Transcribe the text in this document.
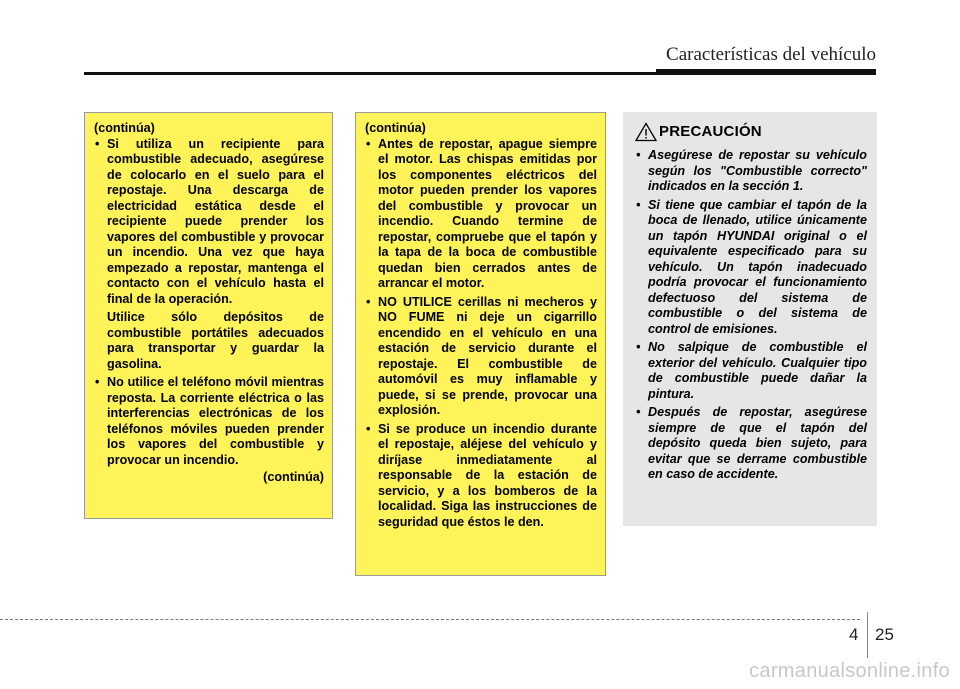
Características del vehículo

(continúa)

• Si utiliza un recipiente para combustible adecuado, asegúrese de colocarlo en el suelo para el repostaje. Una descarga de electricidad estática desde el recipiente puede prender los vapores del combustible y provocar un incendio. Una vez que haya empezado a repostar, mantenga el contacto con el vehículo hasta el final de la operación.

Utilice sólo depósitos de combustible portátiles adecuados para transportar y guardar la gasolina.

• No utilice el teléfono móvil mientras reposta. La corriente eléctrica o las interferencias electrónicas de los teléfonos móviles pueden prender los vapores del combustible y provocar un incendio.

(continúa)

(continúa)

• Antes de repostar, apague siempre el motor. Las chispas emitidas por los componentes eléctricos del motor pueden prender los vapores del combustible y provocar un incendio. Cuando termine de repostar, compruebe que el tapón y la tapa de la boca de combustible quedan bien cerrados antes de arrancar el motor.
• NO UTILICE cerillas ni mecheros y NO FUME ni deje un cigarrillo encendido en el vehículo en una estación de servicio durante el repostaje. El combustible de automóvil es muy inflamable y puede, si se prende, provocar una explosión.
• Si se produce un incendio durante el repostaje, aléjese del vehículo y diríjase inmediatamente al responsable de la estación de servicio, y a los bomberos de la localidad. Siga las instrucciones de seguridad que éstos le den.
PRECAUCIÓN
• Asegúrese de repostar su vehículo según los "Combustible correcto" indicados en la sección 1.
• Si tiene que cambiar el tapón de la boca de llenado, utilice únicamente un tapón HYUNDAI original o el equivalente especificado para su vehículo. Un tapón inadecuado podría provocar el funcionamiento defectuoso del sistema de combustible o del sistema de control de emisiones.
• No salpique de combustible el exterior del vehículo. Cualquier tipo de combustible puede dañar la pintura.
• Después de repostar, asegúrese siempre de que el tapón del depósito queda bien sujeto, para evitar que se derrame combustible en caso de accidente.
4 25
carmanualsonline.info
